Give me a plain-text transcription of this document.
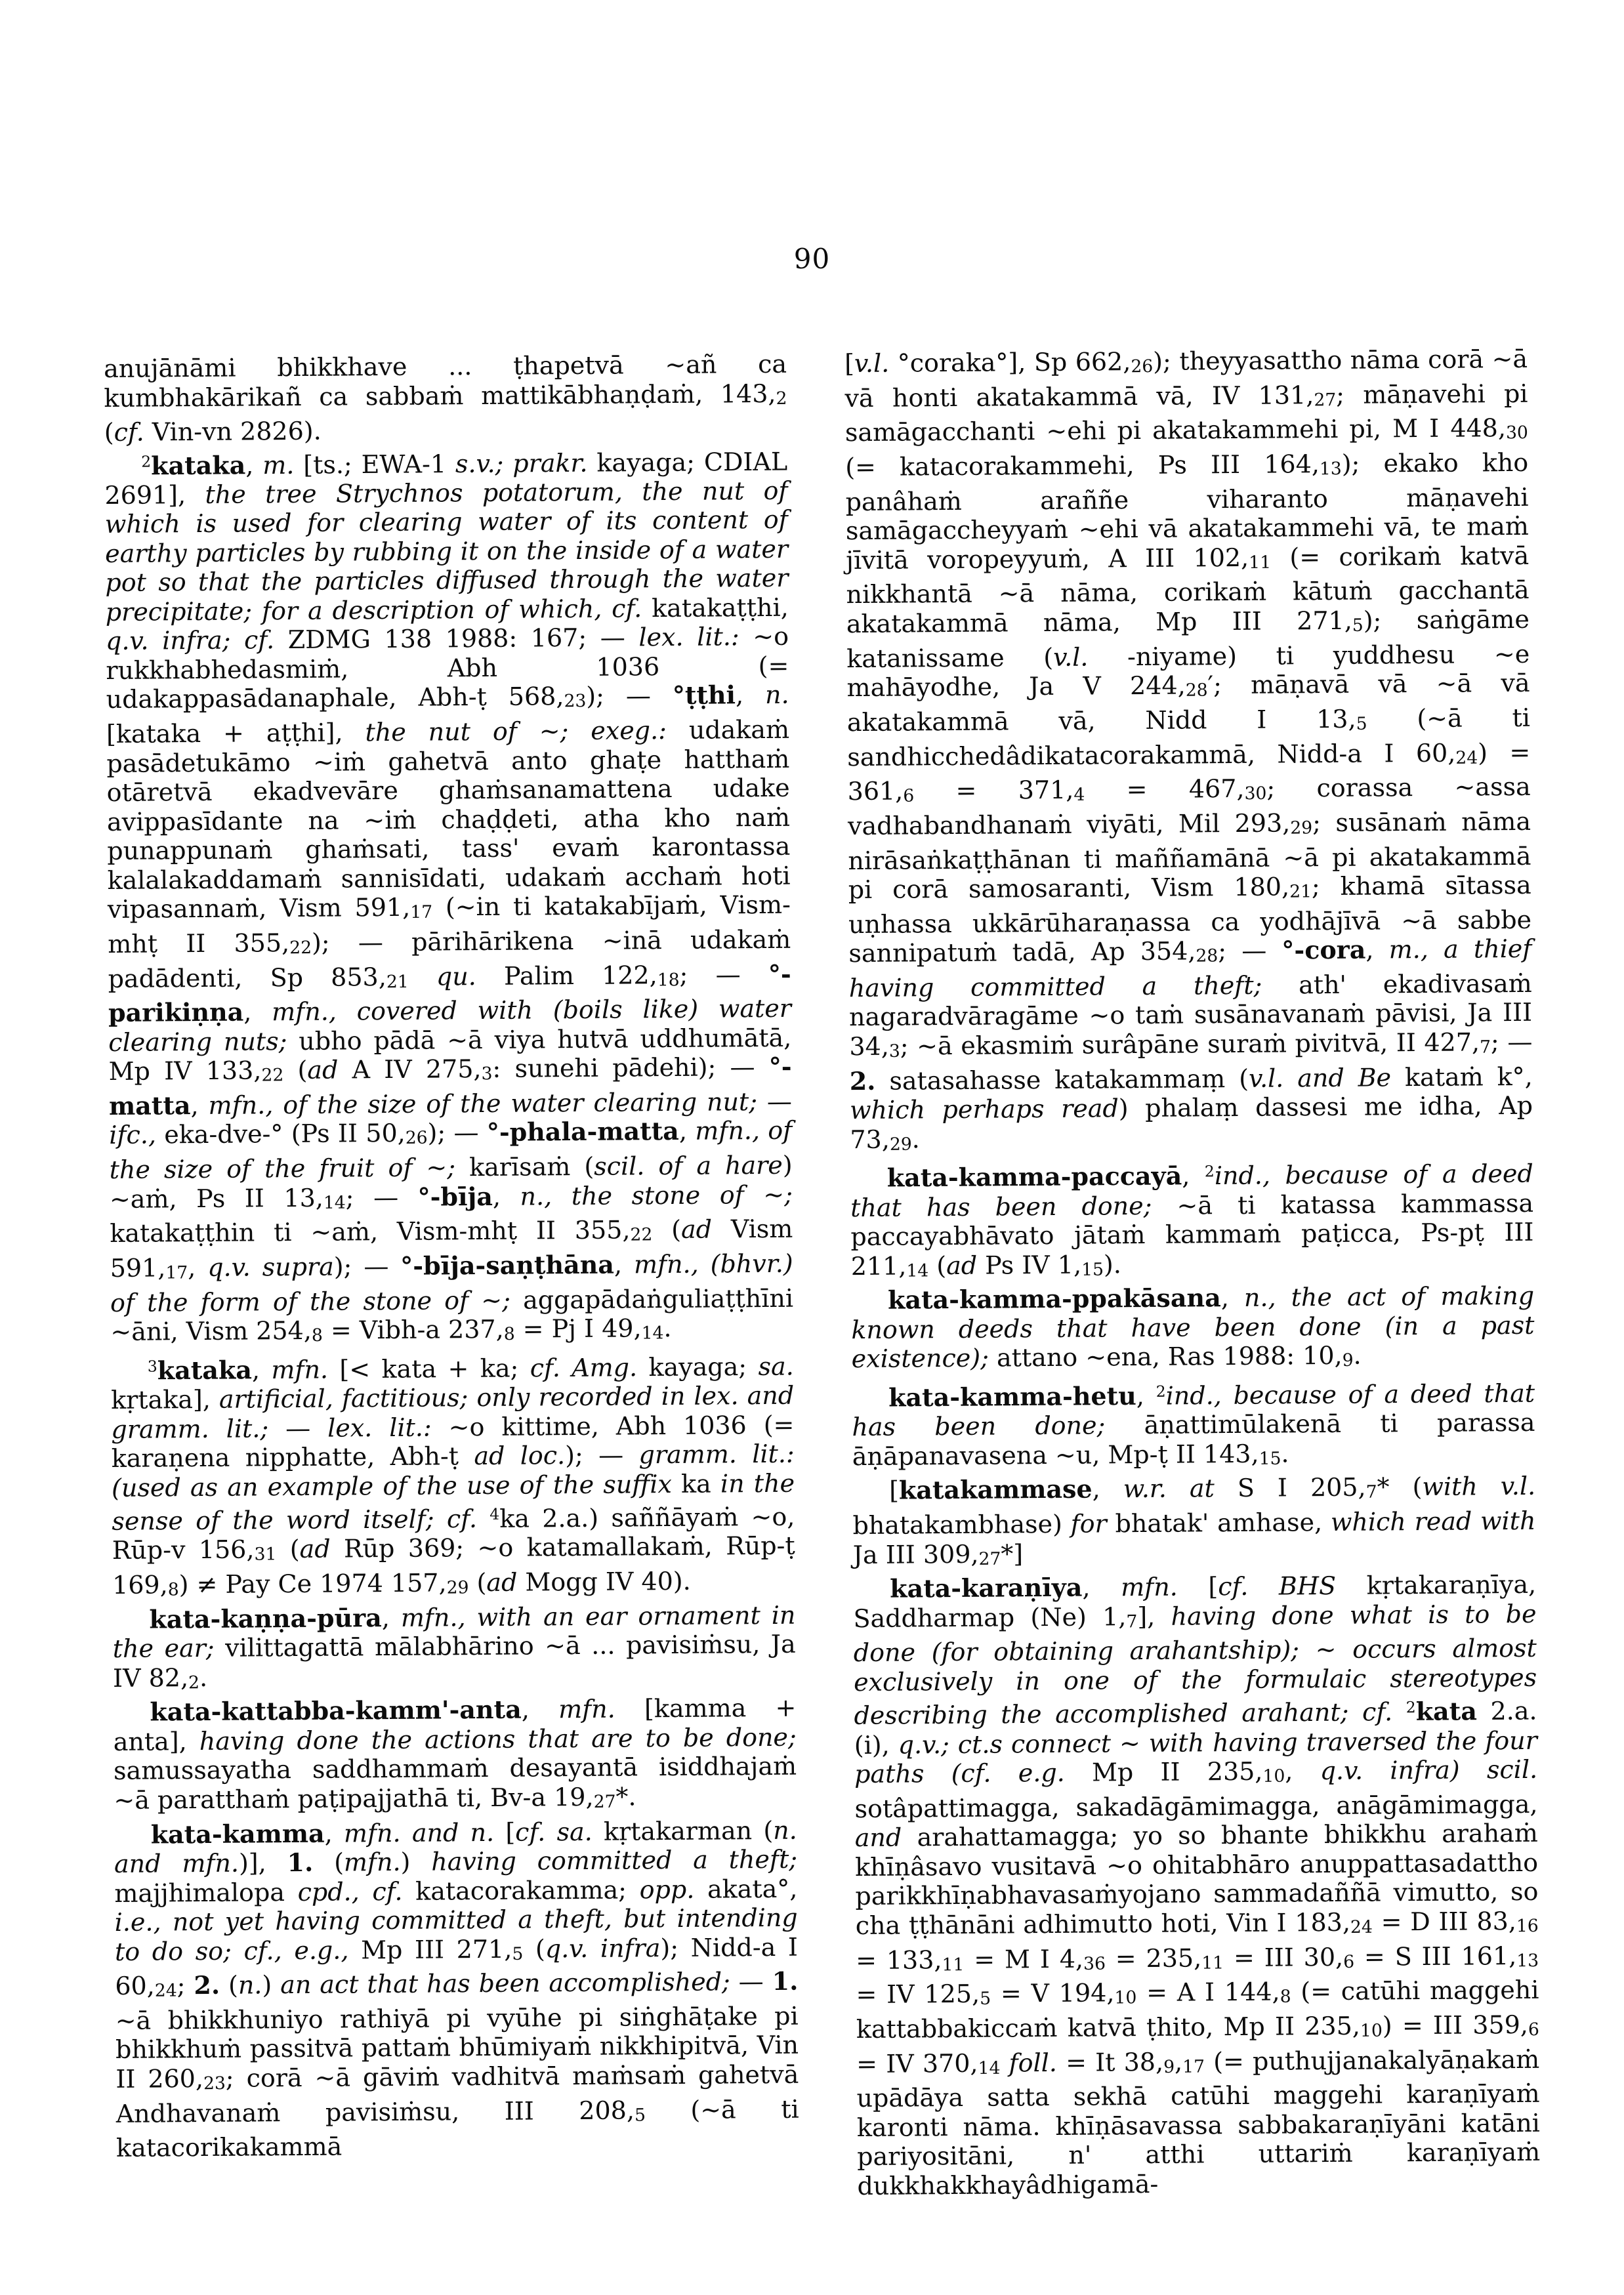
90

anujānāmi bhikkhave ... ṭhapetvā ~añ ca kumbhakārikañ ca sabbaṁ mattikābhaṇḍaṁ, 143,2 (cf. Vin-vn 2826).

$^2$kataka, m. [ts.; EWA-1 s.v.; prakr. kayaga; CDIAL 2691], the tree Strychnos potatorum, the nut of which is used for clearing water of its content of earthy particles by rubbing it on the inside of a water pot so that the particles diffused through the water precipitate; for a description of which, cf. katakaṭṭhi, q.v. infra; cf. ZDMG 138 1988: 167; — lex. lit.: ~o rukkhabhedasmiṁ, Abh 1036 (= udakappasādanaphale, Abh-ṭ 568,23); — °ṭṭhi, n. [kataka + aṭṭhi], the nut of ~; exeg.: udakaṁ pasādetukāmo ~iṁ gahetvā anto ghaṭe hatthaṁ otāretvā ekadvevāre ghaṁsanamattena udake avippasīdante na ~iṁ chaḍḍeti, atha kho naṁ punappunaṁ ghaṁsati, tass' evaṁ karontassa kalalakaddamaṁ sannisīdati, udakaṁ acchaṁ hoti vipasannaṁ, Vism 591,17 (~in ti katakabījaṁ, Vism-mhṭ II 355,22); — pārihārikena ~inā udakaṁ padādenti, Sp 853,21 qu. Palim 122,18; — °-parikiṇṇa, mfn., covered with (boils like) water clearing nuts; ubho pādā ~ā viya hutvā uddhumātā, Mp IV 133,22 (ad A IV 275,3: sunehi pādehi); — °-matta, mfn., of the size of the water clearing nut; — ifc., eka-dve-° (Ps II 50,26); — °-phala-matta, mfn., of the size of the fruit of ~; karīsaṁ (scil. of a hare) ~aṁ, Ps II 13,14; — °-bīja, n., the stone of ~; katakaṭṭhin ti ~aṁ, Vism-mhṭ II 355,22 (ad Vism 591,17, q.v. supra); — °-bīja-saṇṭhāna, mfn., (bhvr.) of the form of the stone of ~; aggapādaṅguliaṭṭhīni ~āni, Vism 254,8 = Vibh-a 237,8 = Pj I 49,14.

$^3$kataka, mfn. [< kata + ka; cf. Amg. kayaga; sa. kṛtaka], artificial, factitious; only recorded in lex. and gramm. lit.; — lex. lit.: ~o kittime, Abh 1036 (= karaṇena nipphatte, Abh-ṭ ad loc.); — gramm. lit.: (used as an example of the use of the suffix ka in the sense of the word itself; cf. $^4$ka 2.a.) saññāyaṁ ~o, Rūp-v 156,31 (ad Rūp 369; ~o katamallakaṁ, Rūp-ṭ 169,8) ≠ Pay Ce 1974 157,29 (ad Mogg IV 40).

kata-kaṇṇa-pūra, mfn., with an ear ornament in the ear; vilittagattā mālabhārino ~ā ... pavisiṁsu, Ja IV 82,2.

kata-kattabba-kamm'-anta, mfn. [kamma + anta], having done the actions that are to be done; samussayatha saddhammaṁ desayantā isiddhajaṁ ~ā paratthaṁ paṭipajjathā ti, Bv-a 19,27*.

kata-kamma, mfn. and n. [cf. sa. kṛtakarman (n. and mfn.)], 1. (mfn.) having committed a theft; majjhimalopa cpd., cf. katacorakamma; opp. akata°, i.e., not yet having committed a theft, but intending to do so; cf., e.g., Mp III 271,5 (q.v. infra); Nidd-a I 60,24; 2. (n.) an act that has been accomplished; — 1. ~ā bhikkhuniyo rathiyā pi vyūhe pi siṅghāṭake pi bhikkhuṁ passitvā pattaṁ bhūmiyaṁ nikkhipitvā, Vin II 260,23; corā ~ā gāviṁ vadhitvā maṁsaṁ gahetvā Andhavanaṁ pavisiṁsu, III 208,5 (~ā ti katacorikakammā

[v.l. °coraka°], Sp 662,26); theyyasattho nāma corā ~ā vā honti akatakammā vā, IV 131,27; māṇavehi pi samāgacchanti ~ehi pi akatakammehi pi, M I 448,30 (= katacorakammehi, Ps III 164,13); ekako kho panâhaṁ araññe viharanto māṇavehi samāgaccheyyaṁ ~ehi vā akatakammehi vā, te maṁ jīvitā voropeyyuṁ, A III 102,11 (= corikaṁ katvā nikkhantā ~ā nāma, corikaṁ kātuṁ gacchantā akatakammā nāma, Mp III 271,5); saṅgāme katanissame (v.l. -niyame) ti yuddhesu ~e mahāyodhe, Ja V 244,28′; māṇavā vā ~ā vā akatakammā vā, Nidd I 13,5 (~ā ti sandhicchedâdikatacorakammā, Nidd-a I 60,24) = 361,6 = 371,4 = 467,30; corassa ~assa vadhabandhanaṁ viyāti, Mil 293,29; susānaṁ nāma nirāsaṅkaṭṭhānan ti maññamānā ~ā pi akatakammā pi corā samosaranti, Vism 180,21; khamā sītassa uṇhassa ukkārūharaṇassa ca yodhājīvā ~ā sabbe sannipatuṁ tadā, Ap 354,28; — °-cora, m., a thief having committed a theft; ath' ekadivasaṁ nagaradvāragāme ~o taṁ susānavanaṁ pāvisi, Ja III 34,3; ~ā ekasmiṁ surâpāne suraṁ pivitvā, II 427,7; — 2. satasahasse katakammaṃ (v.l. and Be kataṁ k°, which perhaps read) phalaṃ dassesi me idha, Ap 73,29.

kata-kamma-paccayā, $^2$ind., because of a deed that has been done; ~ā ti katassa kammassa paccayabhāvato jātaṁ kammaṁ paṭicca, Ps-pṭ III 211,14 (ad Ps IV 1,15).

kata-kamma-ppakāsana, n., the act of making known deeds that have been done (in a past existence); attano ~ena, Ras 1988: 10,9.

kata-kamma-hetu, $^2$ind., because of a deed that has been done; āṇattimūlakenā ti parassa āṇāpanavasena ~u, Mp-ṭ II 143,15.

[katakammase, w.r. at S I 205,7* (with v.l. bhatakambhase) for bhatak' amhase, which read with Ja III 309,27*]

kata-karaṇīya, mfn. [cf. BHS kṛtakaraṇīya, Saddharmap (Ne) 1,7], having done what is to be done (for obtaining arahantship); ~ occurs almost exclusively in one of the formulaic stereotypes describing the accomplished arahant; cf. $^2$kata 2.a.(i), q.v.; ct.s connect ~ with having traversed the four paths (cf. e.g. Mp II 235,10, q.v. infra) scil. sotâpattimagga, sakadāgāmimagga, anāgāmimagga, and arahattamagga; yo so bhante bhikkhu arahaṁ khīṇâsavo vusitavā ~o ohitabhāro anuppattasadattho parikkhīṇabhavasaṁyojano sammadaññā vimutto, so cha ṭṭhānāni adhimutto hoti, Vin I 183,24 = D III 83,16 = 133,11 = M I 4,36 = 235,11 = III 30,6 = S III 161,13 = IV 125,5 = V 194,10 = A I 144,8 (= catūhi maggehi kattabbakiccaṁ katvā ṭhito, Mp II 235,10) = III 359,6 = IV 370,14 foll. = It 38,9,17 (= puthujjanakalyāṇakaṁ upādāya satta sekhā catūhi maggehi karaṇīyaṁ karonti nāma. khīṇāsavassa sabbakaraṇīyāni katāni pariyositāni, n' atthi uttariṁ karaṇīyaṁ dukkhakkhayâdhigamā-
